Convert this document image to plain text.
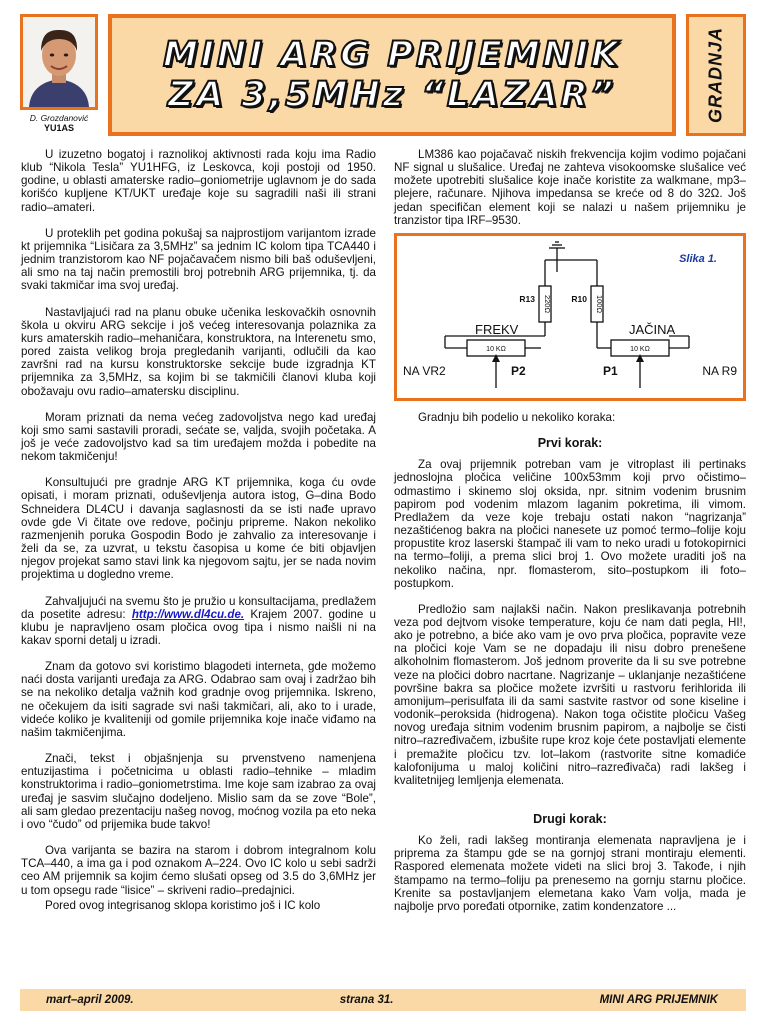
D. Grozdanović
YU1AS
MINI ARG PRIJEMNIK
ZA 3,5MHz “LAZAR”	GRADNJA

U izuzetno bogatoj i raznolikoj aktivnosti rada koju ima Radio klub “Nikola Tesla” YU1HFG, iz Leskovca, koji postoji od 1950. godine, u oblasti amaterske radio–goniometrije uglavnom je do sada korišćo kupljene KT/UKT uređaje koje su sagradili naši ili strani radio–amateri.

U proteklih pet godina pokušaj sa najprostijom varijantom izrade kt prijemnika “Lisičara za 3,5MHz” sa jednim IC kolom tipa TCA440 i jednim tranzistorom kao NF pojačavačem nismo bili baš oduševljeni, ali smo na taj način premostili broj potrebnih ARG prijemnika, tj. da svaki takmičar ima svoj uređaj.

Nastavljajući rad na planu obuke učenika leskovačkih osnovnih škola u okviru ARG sekcije i još većeg interesovanja polaznika za kurs amaterskih radio–mehaničara, konstruktora, na Interenetu smo, pored zaista velikog broja pregledanih varijanti, odlučili da kao završni rad na kursu konstruktorske sekcije bude izgradnja KT prijemnika za 3,5MHz, sa kojim bi se takmičili članovi kluba koji obožavaju ovu radio–amatersku disciplinu.

Moram priznati da nema većeg zadovoljstva nego kad uređaj koji smo sami sastavili proradi, sećate se, valjda, svojih početaka. A još je veće zadovoljstvo kad sa tim uređajem možda i pobedite na nekom takmičenju!

Konsultujući pre gradnje ARG KT prijemnika, koga ću ovde opisati, i moram priznati, oduševljenja autora istog, G–dina Bodo Schneidera DL4CU i davanja saglasnosti da se isti nađe upravo ovde gde Vi čitate ove redove, počinju pripreme. Nakon nekoliko razmenjenih poruka Gospodin Bodo je zahvalio za interesovanje i želi da se, za uzvrat, u tekstu časopisa u kome će biti objavljen njegov projekat samo stavi link ka njegovom sajtu, jer se nada novim projektima u dogledno vreme.

Zahvaljujući na svemu što je pružio u konsultacijama, predlažem da posetite adresu: http://www.dl4cu.de. Krajem 2007. godine u klubu je napravljeno osam pločica ovog tipa i nismo naišli ni na kakav sporni detalj u izradi.

Znam da gotovo svi koristimo blagodeti interneta, gde možemo naći dosta varijanti uređaja za ARG. Odabrao sam ovaj i zadržao bih se na nekoliko detalja važnih kod gradnje ovog prijemnika. Iskreno, ne očekujem da isiti sagrade svi naši takmičari, ali, ako to i urade, videće koliko je kvaliteniji od gomile prijemnika koje inače viđamo na našim takmičenjima.

Znači, tekst i objašnjenja su prvenstveno namenjena entuzijastima i početnicima u oblasti radio–tehnike – mladim konstruktorima i radio–goniometrstima. Ime koje sam izabrao za ovaj uređaj je sasvim slučajno dodeljeno. Mislio sam da se zove “Bole”, ali sam gledao prezentaciju našeg novog, moćnog vozila pa eto neka i ovo “čudo” od prijemika bude takvo!

Ova varijanta se bazira na starom i dobrom integralnom kolu TCA–440, a ima ga i pod oznakom A–224. Ovo IC kolo u sebi sadrži ceo AM prijemnik sa kojim ćemo slušati opseg od 3.5 do 3,6MHz jer u tom opsegu rade “lisice” – skriveni radio–predajnici.

Pored ovog integrisanog sklopa koristimo još i IC kolo

LM386 kao pojačavač niskih frekvencija kojim vodimo pojačani NF signal u slušalice. Uređaj ne zahteva visokoomske slušalice već možete upotrebiti slušalice koje inače koristite za walkmane, mp3–plejere, računare. Njihova impedansa se kreće od 8 do 32Ω. Još jedan specifičan element koji se nalazi u našem prijemniku je tranzistor tipa IRF–9530.

Slika 1.
R13 220Ω R10 100Ω
FREKV	JAČINA
10 KΩ	10 KΩ
P2	P1
NA VR2	NA R9

Gradnju bih podelio u nekoliko koraka:

Prvi korak:

Za ovaj prijemnik potreban vam je vitroplast ili pertinaks jednoslojna pločica veličine 100x53mm koji prvo očistimo–odmastimo i skinemo sloj oksida, npr. sitnim vodenim brusnim papirom pod vodenim mlazom laganim pokretima, ili vimom. Predlažem da veze koje trebaju ostati nakon “nagrizanja” nezaštićenog bakra na pločici nanesete uz pomoć termo–folije koju propustite kroz laserski štampač ili vam to neko uradi u fotokopirnici na termo–foliji, a prema slici broj 1. Ovo možete uraditi još na nekoliko načina, npr. flomasterom, sito–postupkom ili foto–postupkom.

Predložio sam najlakši način. Nakon preslikavanja potrebnih veza pod dejtvom visoke temperature, koju će nam dati pegla, HI!, ako je potrebno, a biće ako vam je ovo prva pločica, popravite veze na pločici koje Vam se ne dopadaju ili nisu dobro prenešene alkoholnim flomasterom. Još jednom proverite da li su sve potrebne veze na pločici dobro nacrtane. Nagrizanje – uklanjanje nezaštićene površine bakra sa pločice možete izvršiti u rastvoru ferihlorida ili amonijum–perisulfata ili da sami sastvite rastvor od sone kiseline i vodonik–peroksida (hidrogena). Nakon toga očistite pločicu Vašeg novog uređaja sitnim vodenim brusnim papirom, a najbolje se čisti nitro–razređivačem, izbušite rupe kroz koje ćete postavljati elemente i premažite pločicu tzv. lot–lakom (rastvorite sitne komadiće kalofonijuma u maloj količini nitro–razređivača) radi lakšeg i kvalitetnijeg lemljenja elemenata.

Drugi korak:

Ko želi, radi lakšeg montiranja elemenata napravljena je i priprema za štampu gde se na gornjoj strani montiraju elementi. Raspored elemenata možete videti na slici broj 3. Takođe, i njih štampamo na termo–foliju pa prenesemo na gornju starnu pločice. Krenite sa postavljanjem elemetana kako Vam volja, mada je najbolje prvo poređati otpornike, zatim kondenzatore ...

mart–april 2009.	strana 31.	MINI ARG PRIJEMNIK
